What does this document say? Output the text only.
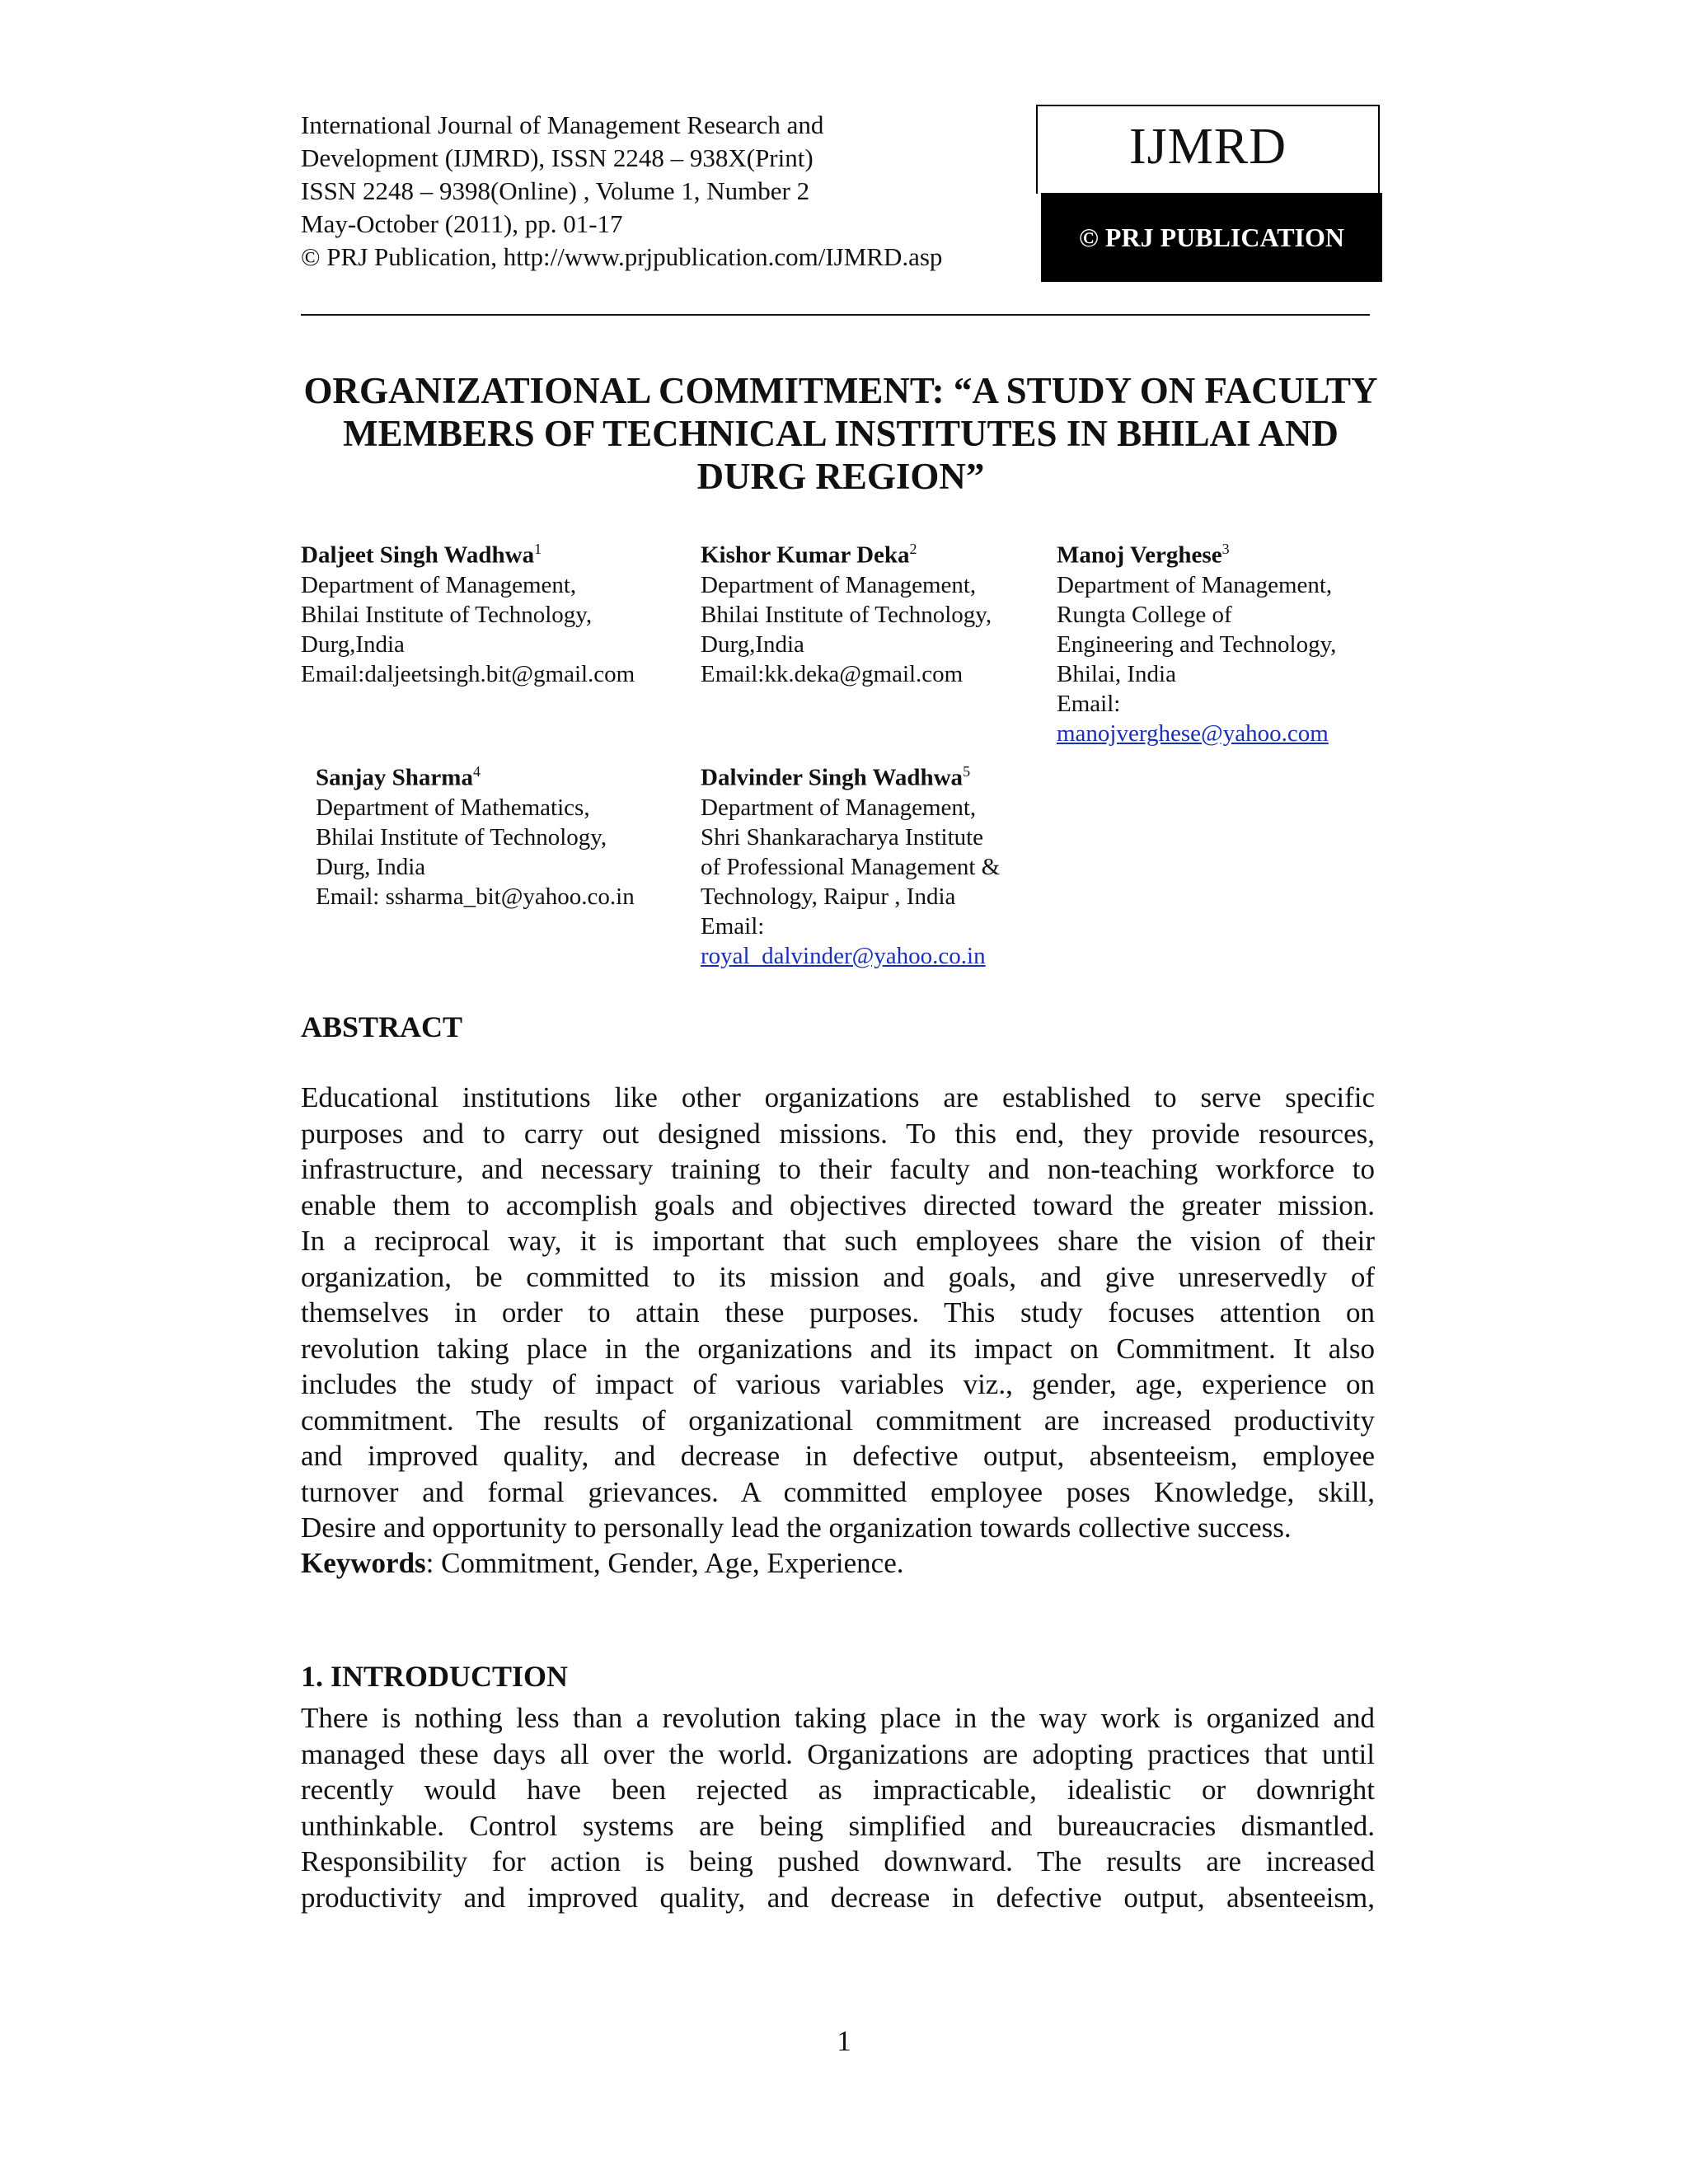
International Journal of Management Research and
Development (IJMRD), ISSN 2248 – 938X(Print)
ISSN 2248 – 9398(Online) , Volume 1, Number 2
May-October (2011), pp. 01-17
© PRJ Publication, http://www.prjpublication.com/IJMRD.asp
IJMRD
© PRJ PUBLICATION
ORGANIZATIONAL COMMITMENT: “A STUDY ON FACULTY
MEMBERS OF TECHNICAL INSTITUTES IN BHILAI AND
DURG REGION”
Daljeet Singh Wadhwa$^1$
Department of Management,
Bhilai Institute of Technology,
Durg,India
Email:daljeetsingh.bit@gmail.com
Kishor Kumar Deka$^2$
Department of Management,
Bhilai Institute of Technology,
Durg,India
Email:kk.deka@gmail.com
Manoj Verghese$^3$
Department of Management,
Rungta College of
Engineering and Technology,
Bhilai, India
Email:
manojverghese@yahoo.com
Sanjay Sharma$^4$
Department of Mathematics,
Bhilai Institute of Technology,
Durg, India
Email: ssharma_bit@yahoo.co.in
Dalvinder Singh Wadhwa$^5$
Department of Management,
Shri Shankaracharya Institute
of Professional Management &
Technology, Raipur , India
Email:
royal_dalvinder@yahoo.co.in
ABSTRACT
Educational institutions like other organizations are established to serve specific
purposes and to carry out designed missions. To this end, they provide resources,
infrastructure, and necessary training to their faculty and non-teaching workforce to
enable them to accomplish goals and objectives directed toward the greater mission.
In a reciprocal way, it is important that such employees share the vision of their
organization, be committed to its mission and goals, and give unreservedly of
themselves in order to attain these purposes. This study focuses attention on
revolution taking place in the organizations and its impact on Commitment. It also
includes the study of impact of various variables viz., gender, age, experience on
commitment. The results of organizational commitment are increased productivity
and improved quality, and decrease in defective output, absenteeism, employee
turnover and formal grievances. A committed employee poses Knowledge, skill,
Desire and opportunity to personally lead the organization towards collective success.
Keywords: Commitment, Gender, Age, Experience.
1. INTRODUCTION
There is nothing less than a revolution taking place in the way work is organized and
managed these days all over the world. Organizations are adopting practices that until
recently would have been rejected as impracticable, idealistic or downright
unthinkable. Control systems are being simplified and bureaucracies dismantled.
Responsibility for action is being pushed downward. The results are increased
productivity and improved quality, and decrease in defective output, absenteeism,
1
